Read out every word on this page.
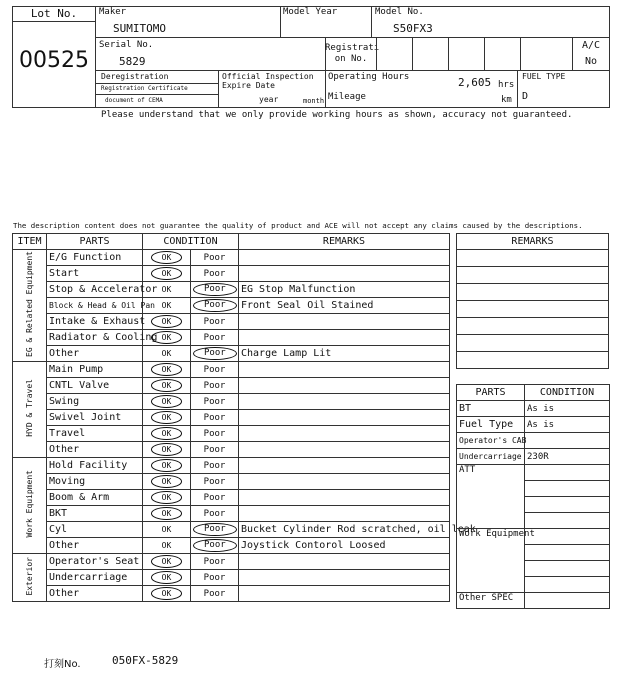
Lot No.
00525
Maker
SUMITOMO
Model Year	Model No.
S50FX3
Serial No.
5829
Registrati
on No.
A/C
No
Deregistration
Registration Certificate
document of CEMA
Official Inspection
Expire Date
year	month
Operating Hours	2,605 hrs
Mileage	km
FUEL TYPE
D
Please understand that we only provide working hours as shown, accuracy not guaranteed.
The description content does not guarantee the quality of product and ACE will not accept any claims caused by the descriptions.
ITEM	PARTS	CONDITION		REMARKS
EG & Related Equipment	E/G Function	OK	Poor	
	Start	OK	Poor	
	Stop & Accelerator	OK	Poor	EG Stop Malfunction
	Block & Head & Oil Pan	OK	Poor	Front Seal Oil Stained
	Intake & Exhaust	OK	Poor	
	Radiator & Cooling	OK	Poor	
	Other	OK	Poor	Charge Lamp Lit
HYD & Travel	Main Pump	OK	Poor	
	CNTL Valve	OK	Poor	
	Swing	OK	Poor	
	Swivel Joint	OK	Poor	
	Travel	OK	Poor	
	Other	OK	Poor	
Work Equipment	Hold Facility	OK	Poor	
	Moving	OK	Poor	
	Boom & Arm	OK	Poor	
	BKT	OK	Poor	
	Cyl	OK	Poor	Bucket Cylinder Rod scratched, oil leak
	Other	OK	Poor	Joystick Contorol Loosed
Exterior	Operator's Seat	OK	Poor	
	Undercarriage	OK	Poor	
	Other	OK	Poor	
REMARKS

PARTS	CONDITION
BT	As is
Fuel Type	As is
Operator's CAB	
Undercarriage	230R
ATT	

Work Equipment	

Other SPEC	
打刻No.	050FX-5829
